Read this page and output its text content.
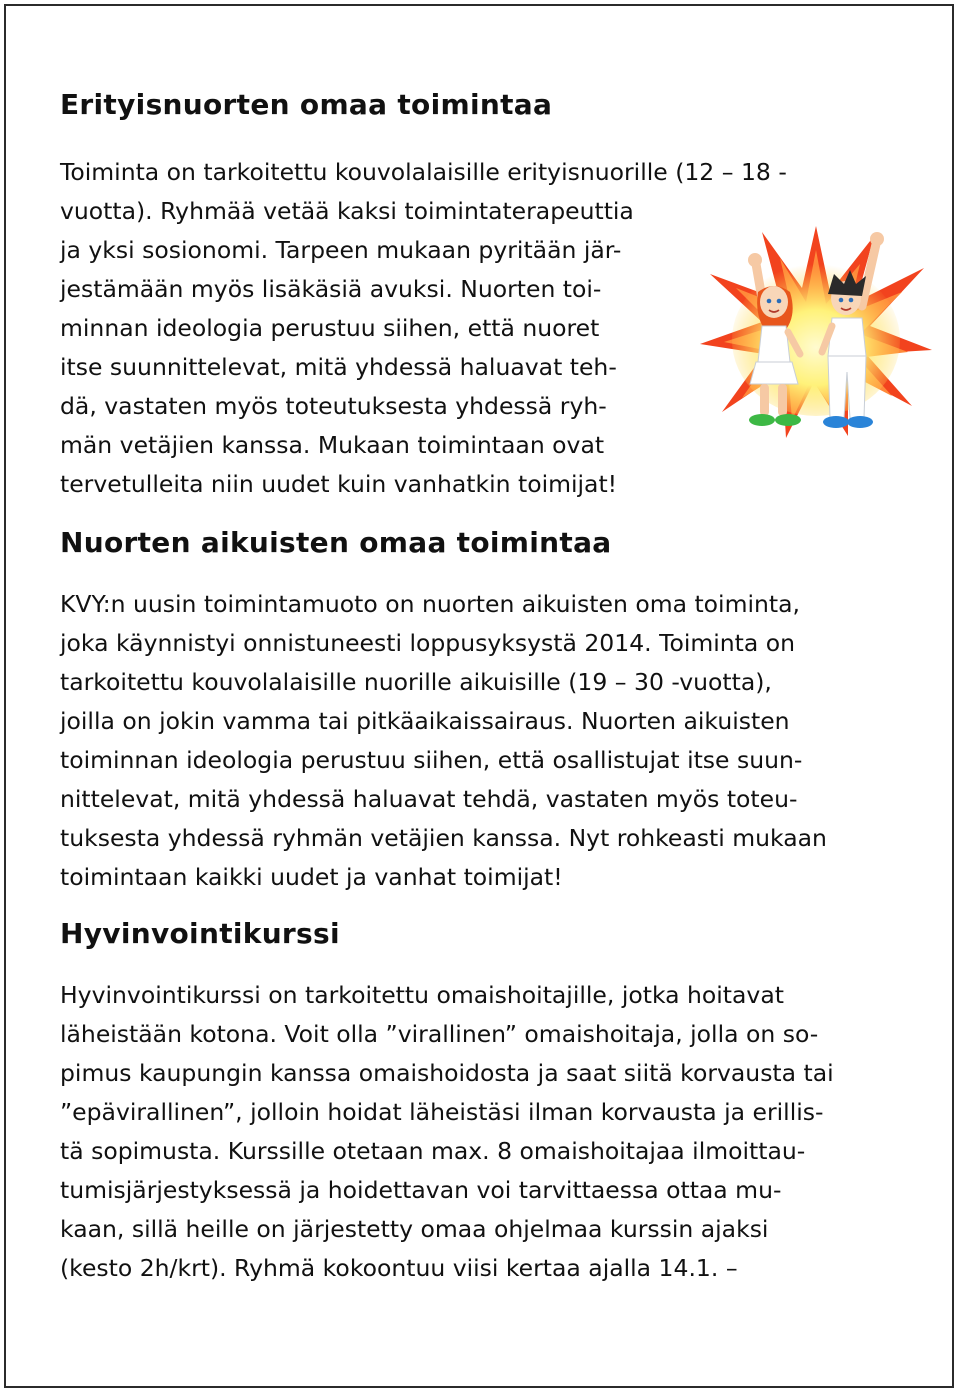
Erityisnuorten omaa toimintaa

Toiminta on tarkoitettu kouvolalaisille erityisnuorille (12 – 18 -

vuotta). Ryhmää vetää kaksi toimintaterapeuttia

ja yksi sosionomi. Tarpeen mukaan pyritään jär-

jestämään myös lisäkäsiä avuksi. Nuorten toi-

minnan ideologia perustuu siihen, että nuoret

itse suunnittelevat, mitä yhdessä haluavat teh-

dä, vastaten myös toteutuksesta yhdessä ryh-

män vetäjien kanssa. Mukaan toimintaan ovat

tervetulleita niin uudet kuin vanhatkin toimijat!

Nuorten aikuisten omaa toimintaa

KVY:n uusin toimintamuoto on nuorten aikuisten oma toiminta,

joka käynnistyi onnistuneesti loppusyksystä 2014. Toiminta on

tarkoitettu kouvolalaisille nuorille aikuisille (19 – 30 -vuotta),

joilla on jokin vamma tai pitkäaikaissairaus. Nuorten aikuisten

toiminnan ideologia perustuu siihen, että osallistujat itse suun-

nittelevat, mitä yhdessä haluavat tehdä, vastaten myös toteu-

tuksesta yhdessä ryhmän vetäjien kanssa. Nyt rohkeasti mukaan

toimintaan kaikki uudet ja vanhat toimijat!

Hyvinvointikurssi

Hyvinvointikurssi on tarkoitettu omaishoitajille, jotka hoitavat

läheistään kotona. Voit olla ”virallinen” omaishoitaja, jolla on so-

pimus kaupungin kanssa omaishoidosta ja saat siitä korvausta tai

”epävirallinen”, jolloin hoidat läheistäsi ilman korvausta ja erillis-

tä sopimusta. Kurssille otetaan max. 8 omaishoitajaa ilmoittau-

tumisjärjestyksessä ja hoidettavan voi tarvittaessa ottaa mu-

kaan, sillä heille on järjestetty omaa ohjelmaa kurssin ajaksi

(kesto 2h/krt). Ryhmä kokoontuu viisi kertaa ajalla 14.1. –
